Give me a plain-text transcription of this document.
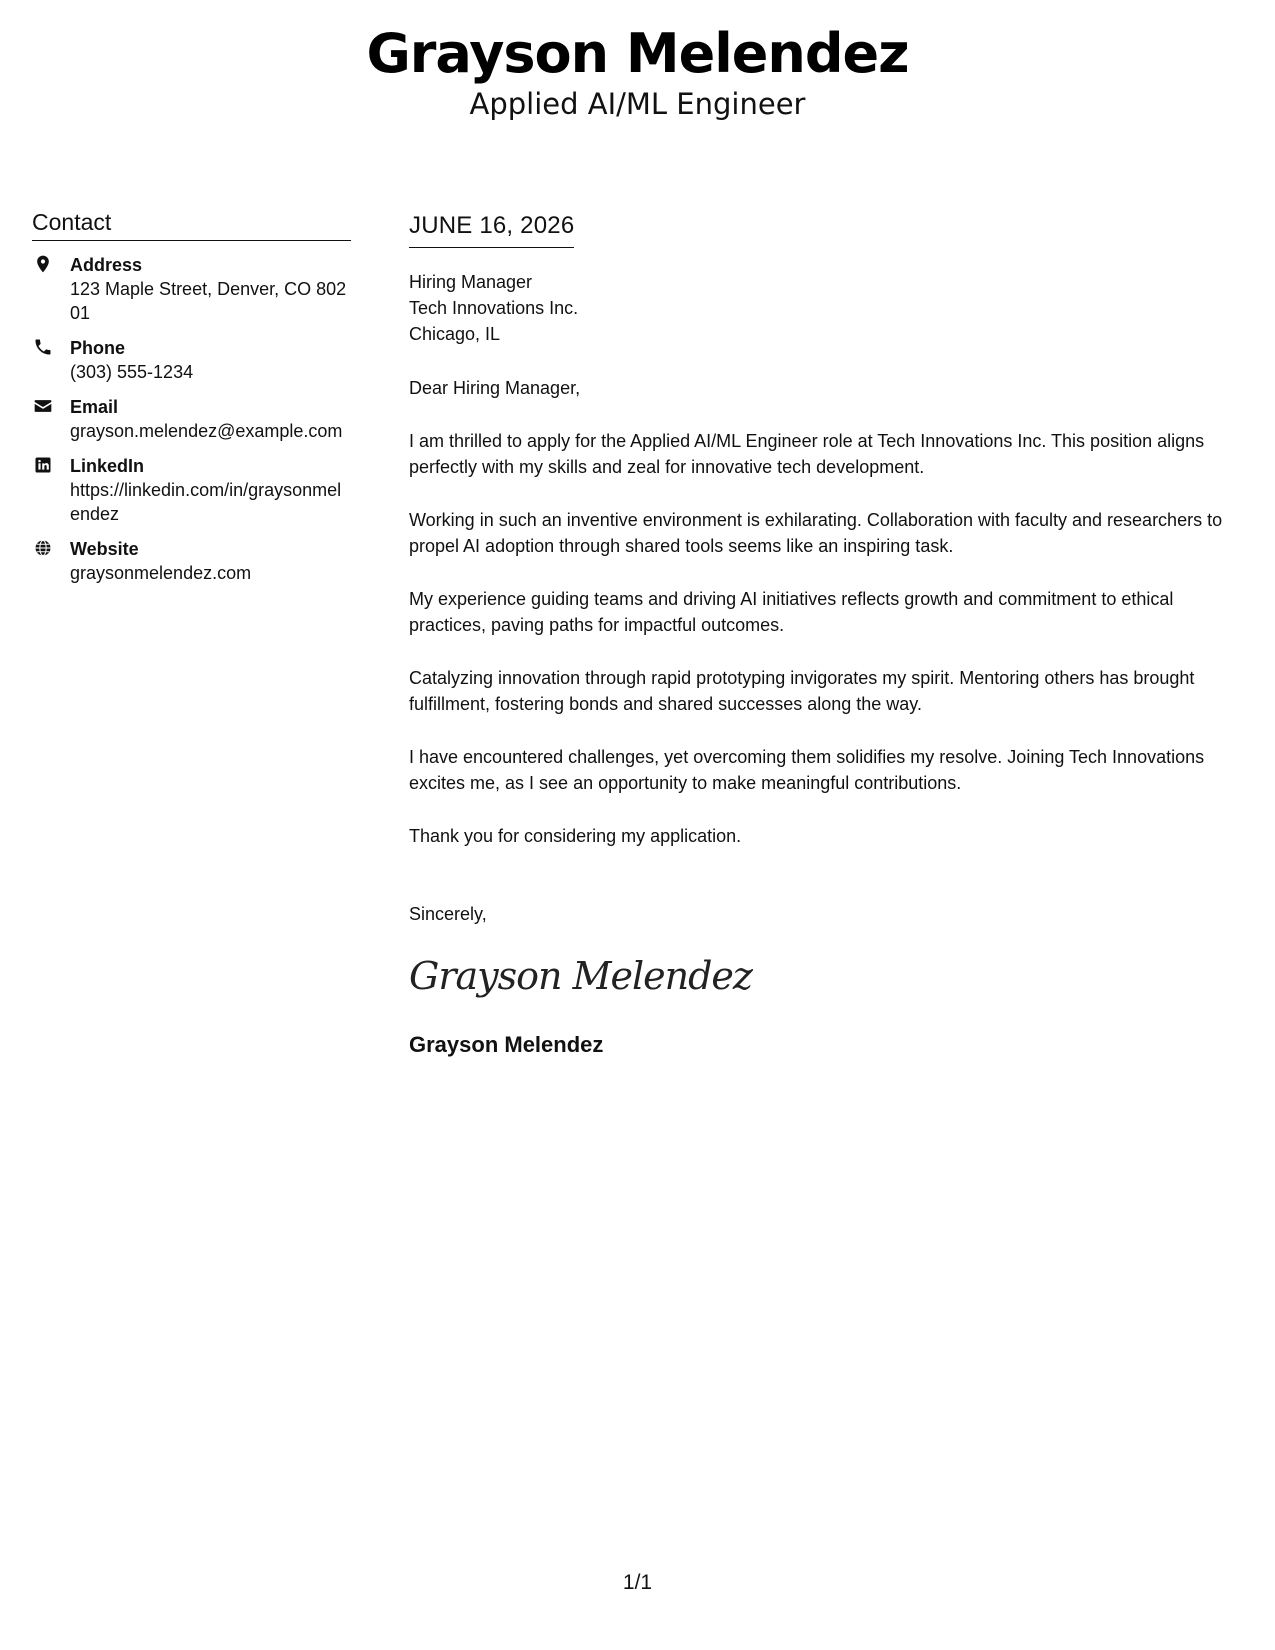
Grayson Melendez
Applied AI/ML Engineer
Contact
Address
123 Maple Street, Denver, CO 80201
Phone
(303) 555-1234
Email
grayson.melendez@example.com
LinkedIn
https://linkedin.com/in/graysonmelendez
Website
graysonmelendez.com
JUNE 16, 2026
Hiring Manager
Tech Innovations Inc.
Chicago, IL
Dear Hiring Manager,
I am thrilled to apply for the Applied AI/ML Engineer role at Tech Innovations Inc. This position aligns perfectly with my skills and zeal for innovative tech development.
Working in such an inventive environment is exhilarating. Collaboration with faculty and researchers to propel AI adoption through shared tools seems like an inspiring task.
My experience guiding teams and driving AI initiatives reflects growth and commitment to ethical practices, paving paths for impactful outcomes.
Catalyzing innovation through rapid prototyping invigorates my spirit. Mentoring others has brought fulfillment, fostering bonds and shared successes along the way.
I have encountered challenges, yet overcoming them solidifies my resolve. Joining Tech Innovations excites me, as I see an opportunity to make meaningful contributions.
Thank you for considering my application.
Sincerely,
Grayson Melendez
Grayson Melendez
1/1
